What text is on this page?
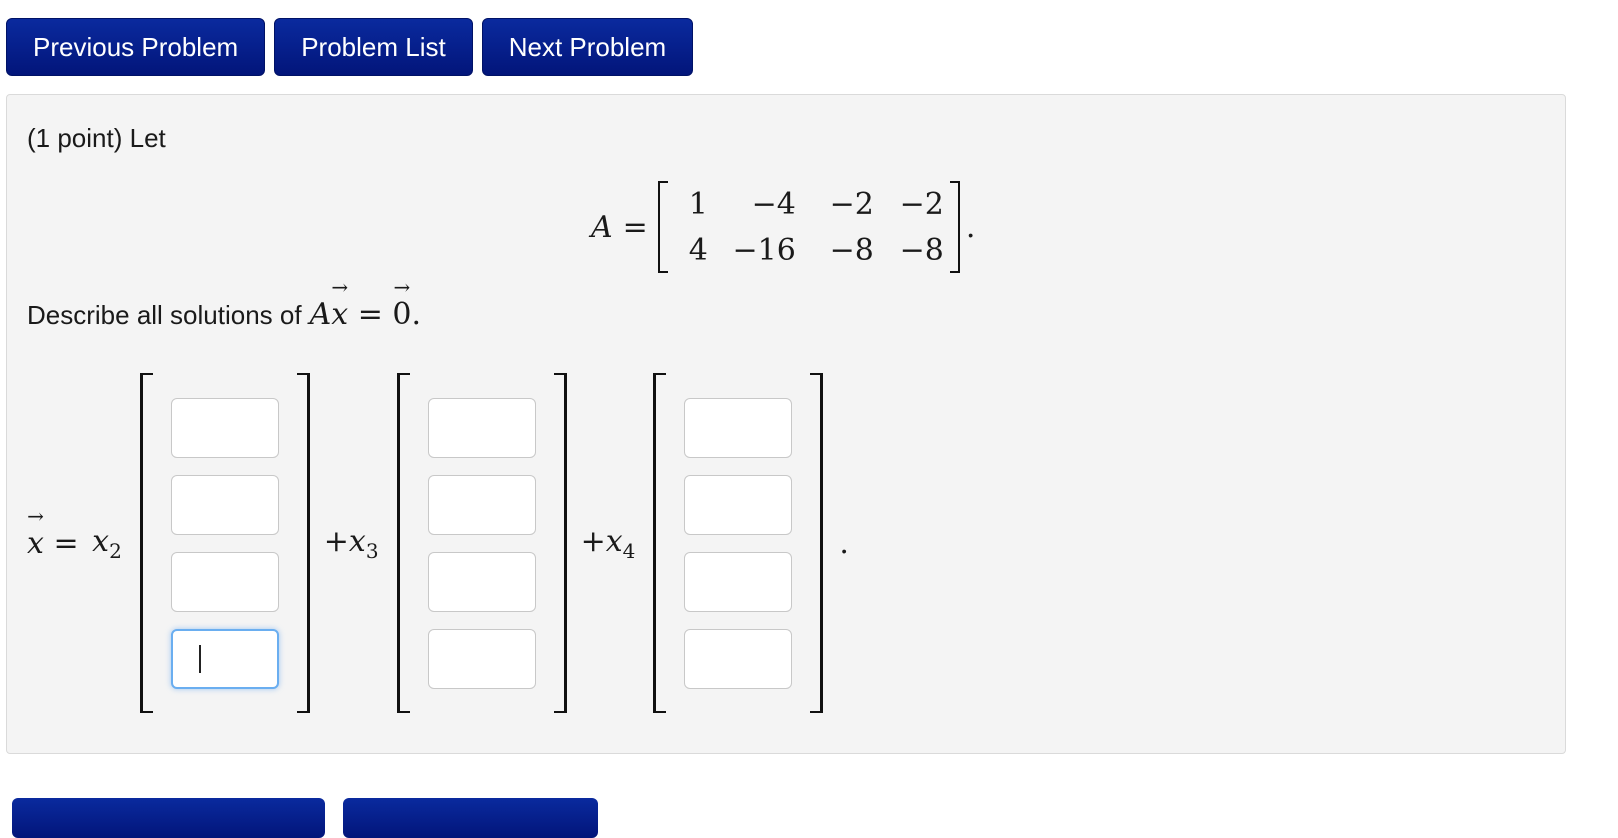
Previous Problem	Problem List	Next Problem
(1 point) Let
A =
1 −4 −2 −2
4 −16 −8 −8
.
Describe all solutions of A→ x = → 0.
→ $x = x_2$	$+x_3$	$+x_4$	.
